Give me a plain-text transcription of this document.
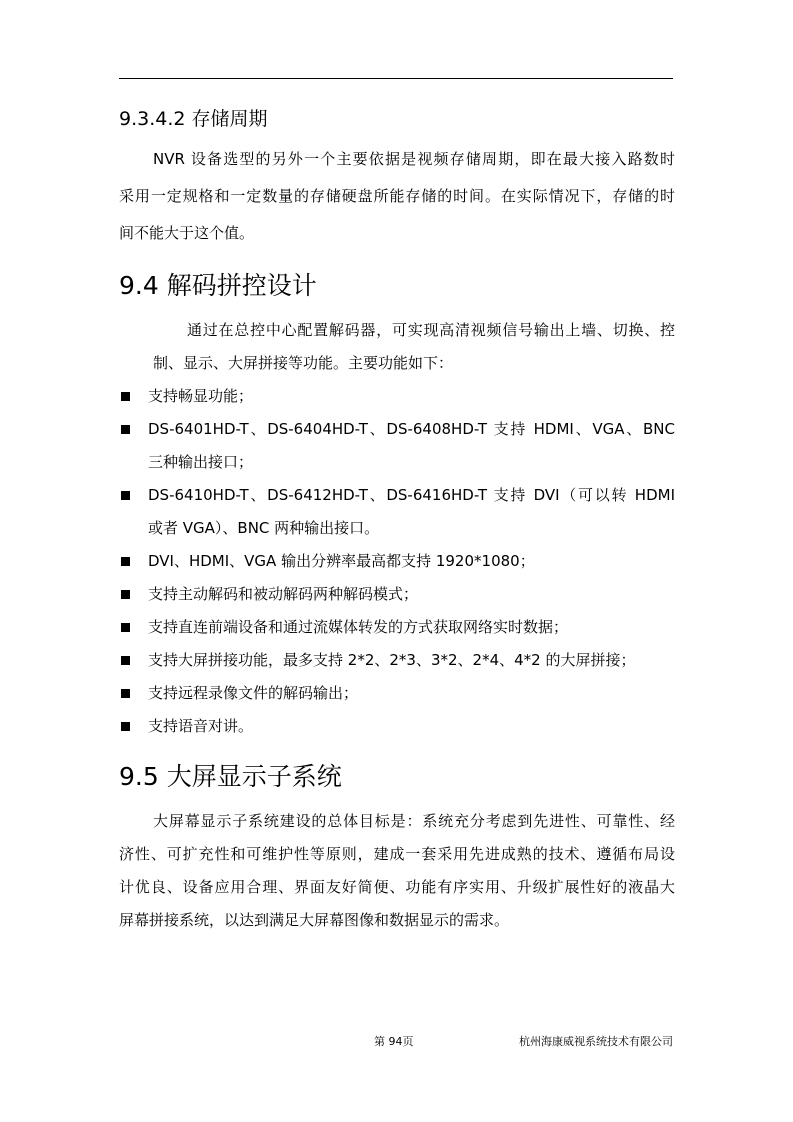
9.3.4.2 存储周期
NVR 设备选型的另外一个主要依据是视频存储周期，即在最大接入路数时
采用一定规格和一定数量的存储硬盘所能存储的时间。在实际情况下，存储的时
间不能大于这个值。
9.4 解码拼控设计
通过在总控中心配置解码器，可实现高清视频信号输出上墙、切换、控
制、显示、大屏拼接等功能。主要功能如下：
支持畅显功能；
DS-6401HD-T、DS-6404HD-T、DS-6408HD-T 支持 HDMI、VGA、BNC
三种输出接口；
DS-6410HD-T、DS-6412HD-T、DS-6416HD-T 支持 DVI（可以转 HDMI
或者 VGA）、BNC 两种输出接口。
DVI、HDMI、VGA 输出分辨率最高都支持 1920*1080；
支持主动解码和被动解码两种解码模式；
支持直连前端设备和通过流媒体转发的方式获取网络实时数据；
支持大屏拼接功能，最多支持 2*2、2*3、3*2、2*4、4*2 的大屏拼接；
支持远程录像文件的解码输出；
支持语音对讲。
9.5 大屏显示子系统
大屏幕显示子系统建设的总体目标是：系统充分考虑到先进性、可靠性、经
济性、可扩充性和可维护性等原则，建成一套采用先进成熟的技术、遵循布局设
计优良、设备应用合理、界面友好简便、功能有序实用、升级扩展性好的液晶大
屏幕拼接系统，以达到满足大屏幕图像和数据显示的需求。
第 94页	杭州海康威视系统技术有限公司
